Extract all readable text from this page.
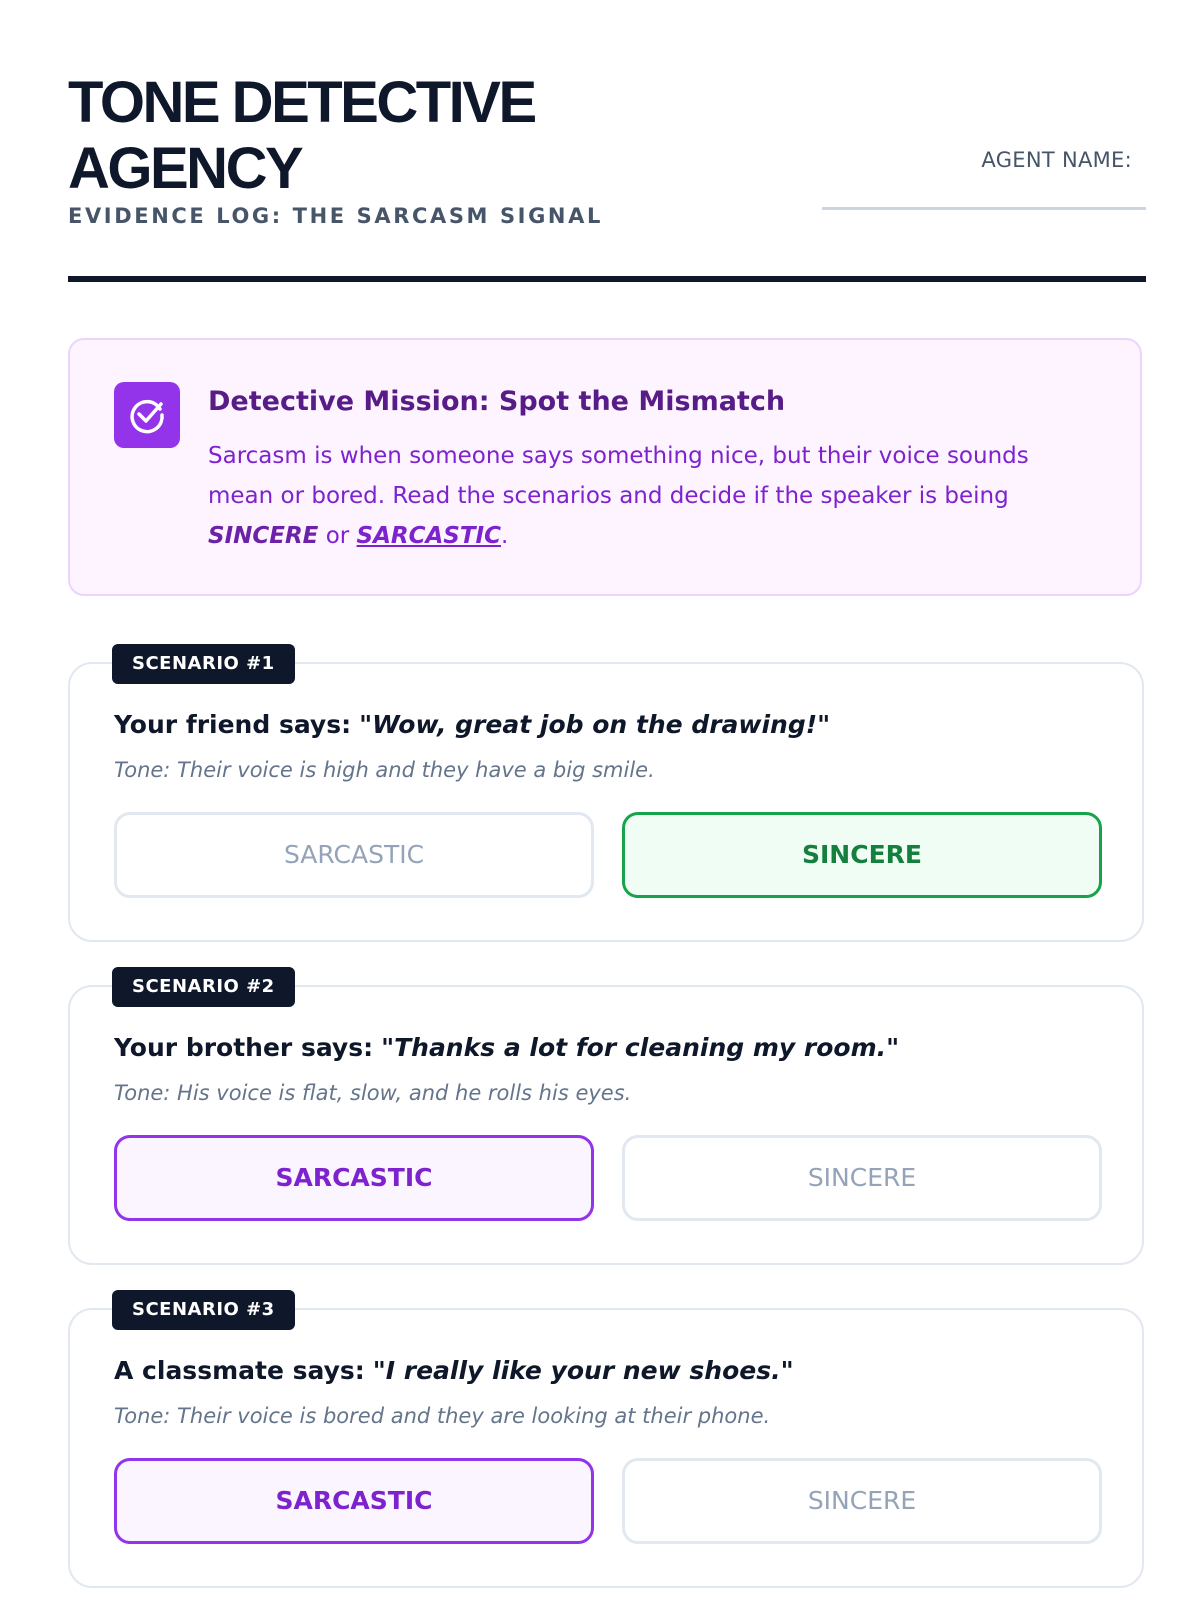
TONE DETECTIVE AGENCY
EVIDENCE LOG: THE SARCASM SIGNAL
AGENT NAME:
Detective Mission: Spot the Mismatch
Sarcasm is when someone says something nice, but their voice sounds mean or bored. Read the scenarios and decide if the speaker is being
SINCERE or SARCASTIC.
Your friend says: "Wow, great job on the drawing!"
Tone: Their voice is high and they have a big smile.
SARCASTIC	SINCERE
SCENARIO #1
Your brother says: "Thanks a lot for cleaning my room."
Tone: His voice is flat, slow, and he rolls his eyes.
SARCASTIC	SINCERE
SCENARIO #2
A classmate says: "I really like your new shoes."
Tone: Their voice is bored and they are looking at their phone.
SARCASTIC	SINCERE
SCENARIO #3
